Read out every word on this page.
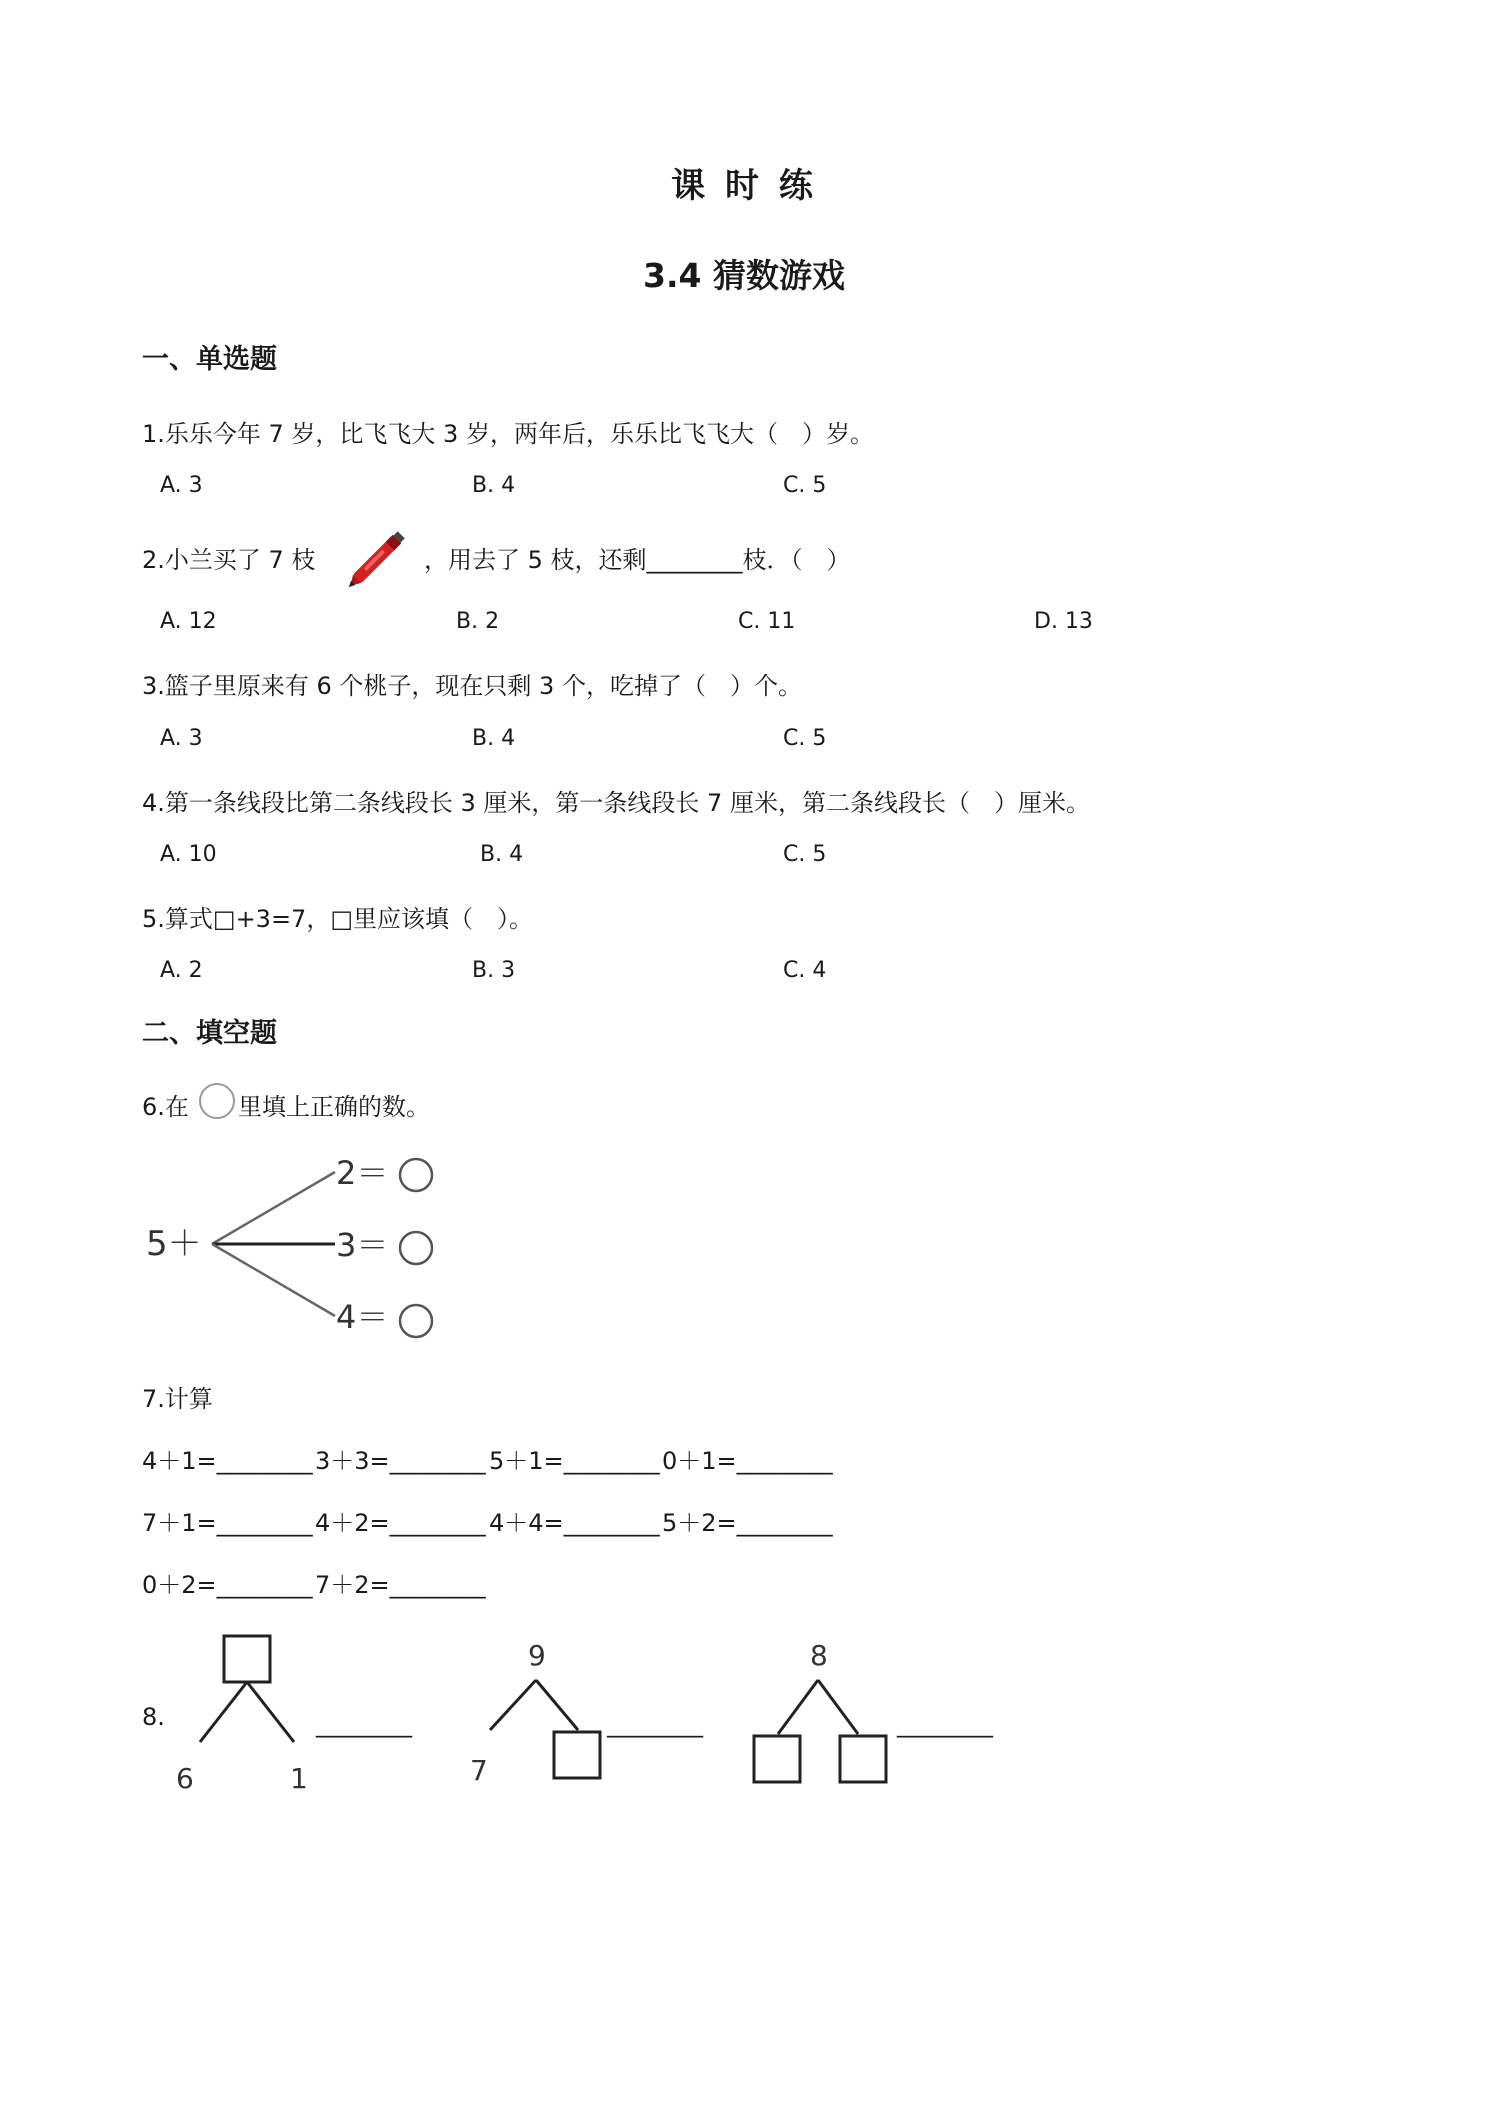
课 时 练
3.4 猜数游戏
一、单选题
1.乐乐今年 7 岁，比飞飞大 3 岁，两年后，乐乐比飞飞大（　）岁。
A. 3	B. 4	C. 5
2.小兰买了 7 枝	，用去了 5 枝，还剩________枝．（　）
A. 12	B. 2	C. 11	D. 13
3.篮子里原来有 6 个桃子，现在只剩 3 个，吃掉了（　）个。
A. 3	B. 4	C. 5
4.第一条线段比第二条线段长 3 厘米，第一条线段长 7 厘米，第二条线段长（　）厘米。
A. 10	B. 4	C. 5
5.算式□+3=7，□里应该填（　）。
A. 2	B. 3	C. 4
二、填空题
6.在 里填上正确的数。
5＋
2＝
3＝
4＝
7.计算
4＋1=________ 3＋3=________ 5＋1=________ 0＋1=________
7＋1=________ 4＋2=________ 4＋4=________ 5＋2=________
0＋2=________ 7＋2=________
8.
6	1
________
9
7
________
8
________
